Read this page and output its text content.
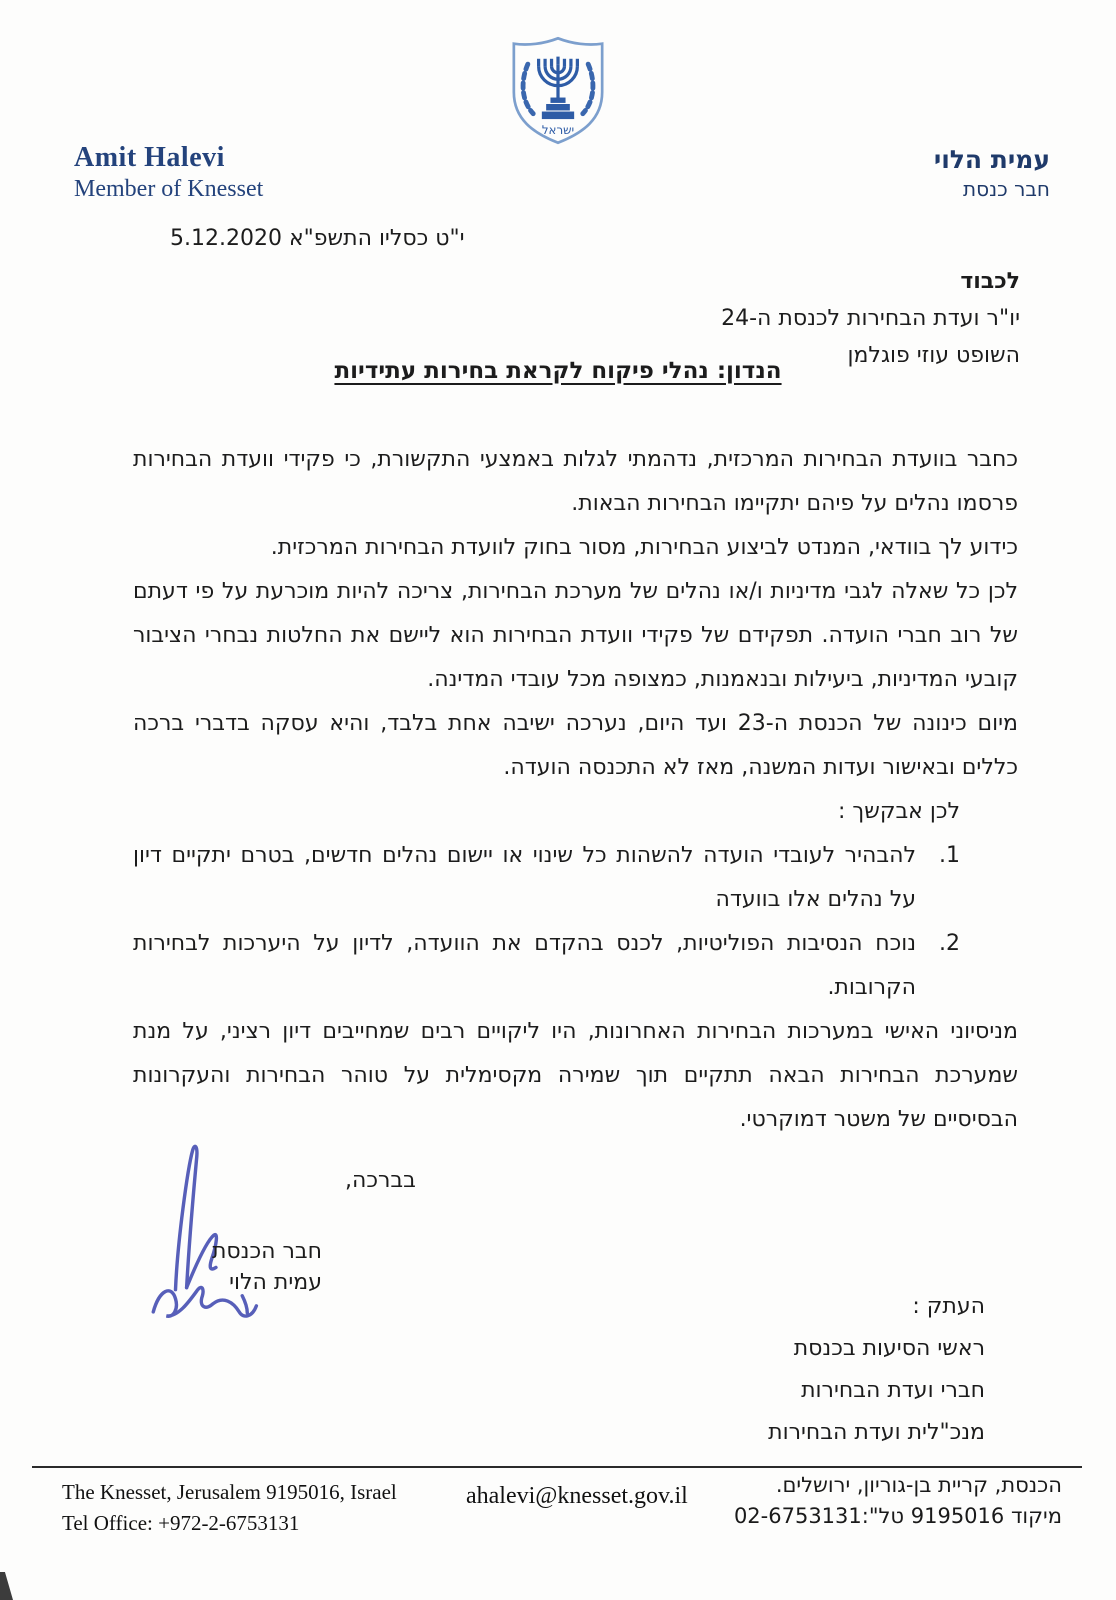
ישראל
Amit Halevi
Member of Knesset
עמית הלוי
חבר כנסת
י"ט כסליו התשפ"א 5.12.2020
לכבוד
יו"ר ועדת הבחירות לכנסת ה-24
השופט עוזי פוגלמן
הנדון: נהלי פיקוח לקראת בחירות עתידיות

כחבר בוועדת הבחירות המרכזית, נדהמתי לגלות באמצעי התקשורת, כי פקידי וועדת הבחירות פרסמו נהלים על פיהם יתקיימו הבחירות הבאות.

כידוע לך בוודאי, המנדט לביצוע הבחירות, מסור בחוק לוועדת הבחירות המרכזית.

לכן כל שאלה לגבי מדיניות ו/או נהלים של מערכת הבחירות, צריכה להיות מוכרעת על פי דעתם של רוב חברי הועדה. תפקידם של פקידי וועדת הבחירות הוא ליישם את החלטות נבחרי הציבור קובעי המדיניות, ביעילות ובנאמנות, כמצופה מכל עובדי המדינה.

מיום כינונה של הכנסת ה-23 ועד היום, נערכה ישיבה אחת בלבד, והיא עסקה בדברי ברכה כללים ובאישור ועדות המשנה, מאז לא התכנסה הועדה.

לכן אבקשך :

1.
להבהיר לעובדי הועדה להשהות כל שינוי או יישום נהלים חדשים, בטרם יתקיים דיון על נהלים אלו בוועדה
2.
נוכח הנסיבות הפוליטיות, לכנס בהקדם את הוועדה, לדיון על היערכות לבחירות הקרובות.

מניסיוני האישי במערכות הבחירות האחרונות, היו ליקויים רבים שמחייבים דיון רציני, על מנת שמערכת הבחירות הבאה תתקיים תוך שמירה מקסימלית על טוהר הבחירות והעקרונות הבסיסיים של משטר דמוקרטי.

בברכה,
חבר הכנסת
עמית הלוי
העתק :
ראשי הסיעות בכנסת
חברי ועדת הבחירות
מנכ"לית ועדת הבחירות
The Knesset, Jerusalem 9195016, Israel
Tel Office: +972-2-6753131
ahalevi@knesset.gov.il	הכנסת, קריית בן-גוריון, ירושלים.
מיקוד 9195016 טל":02-6753131
